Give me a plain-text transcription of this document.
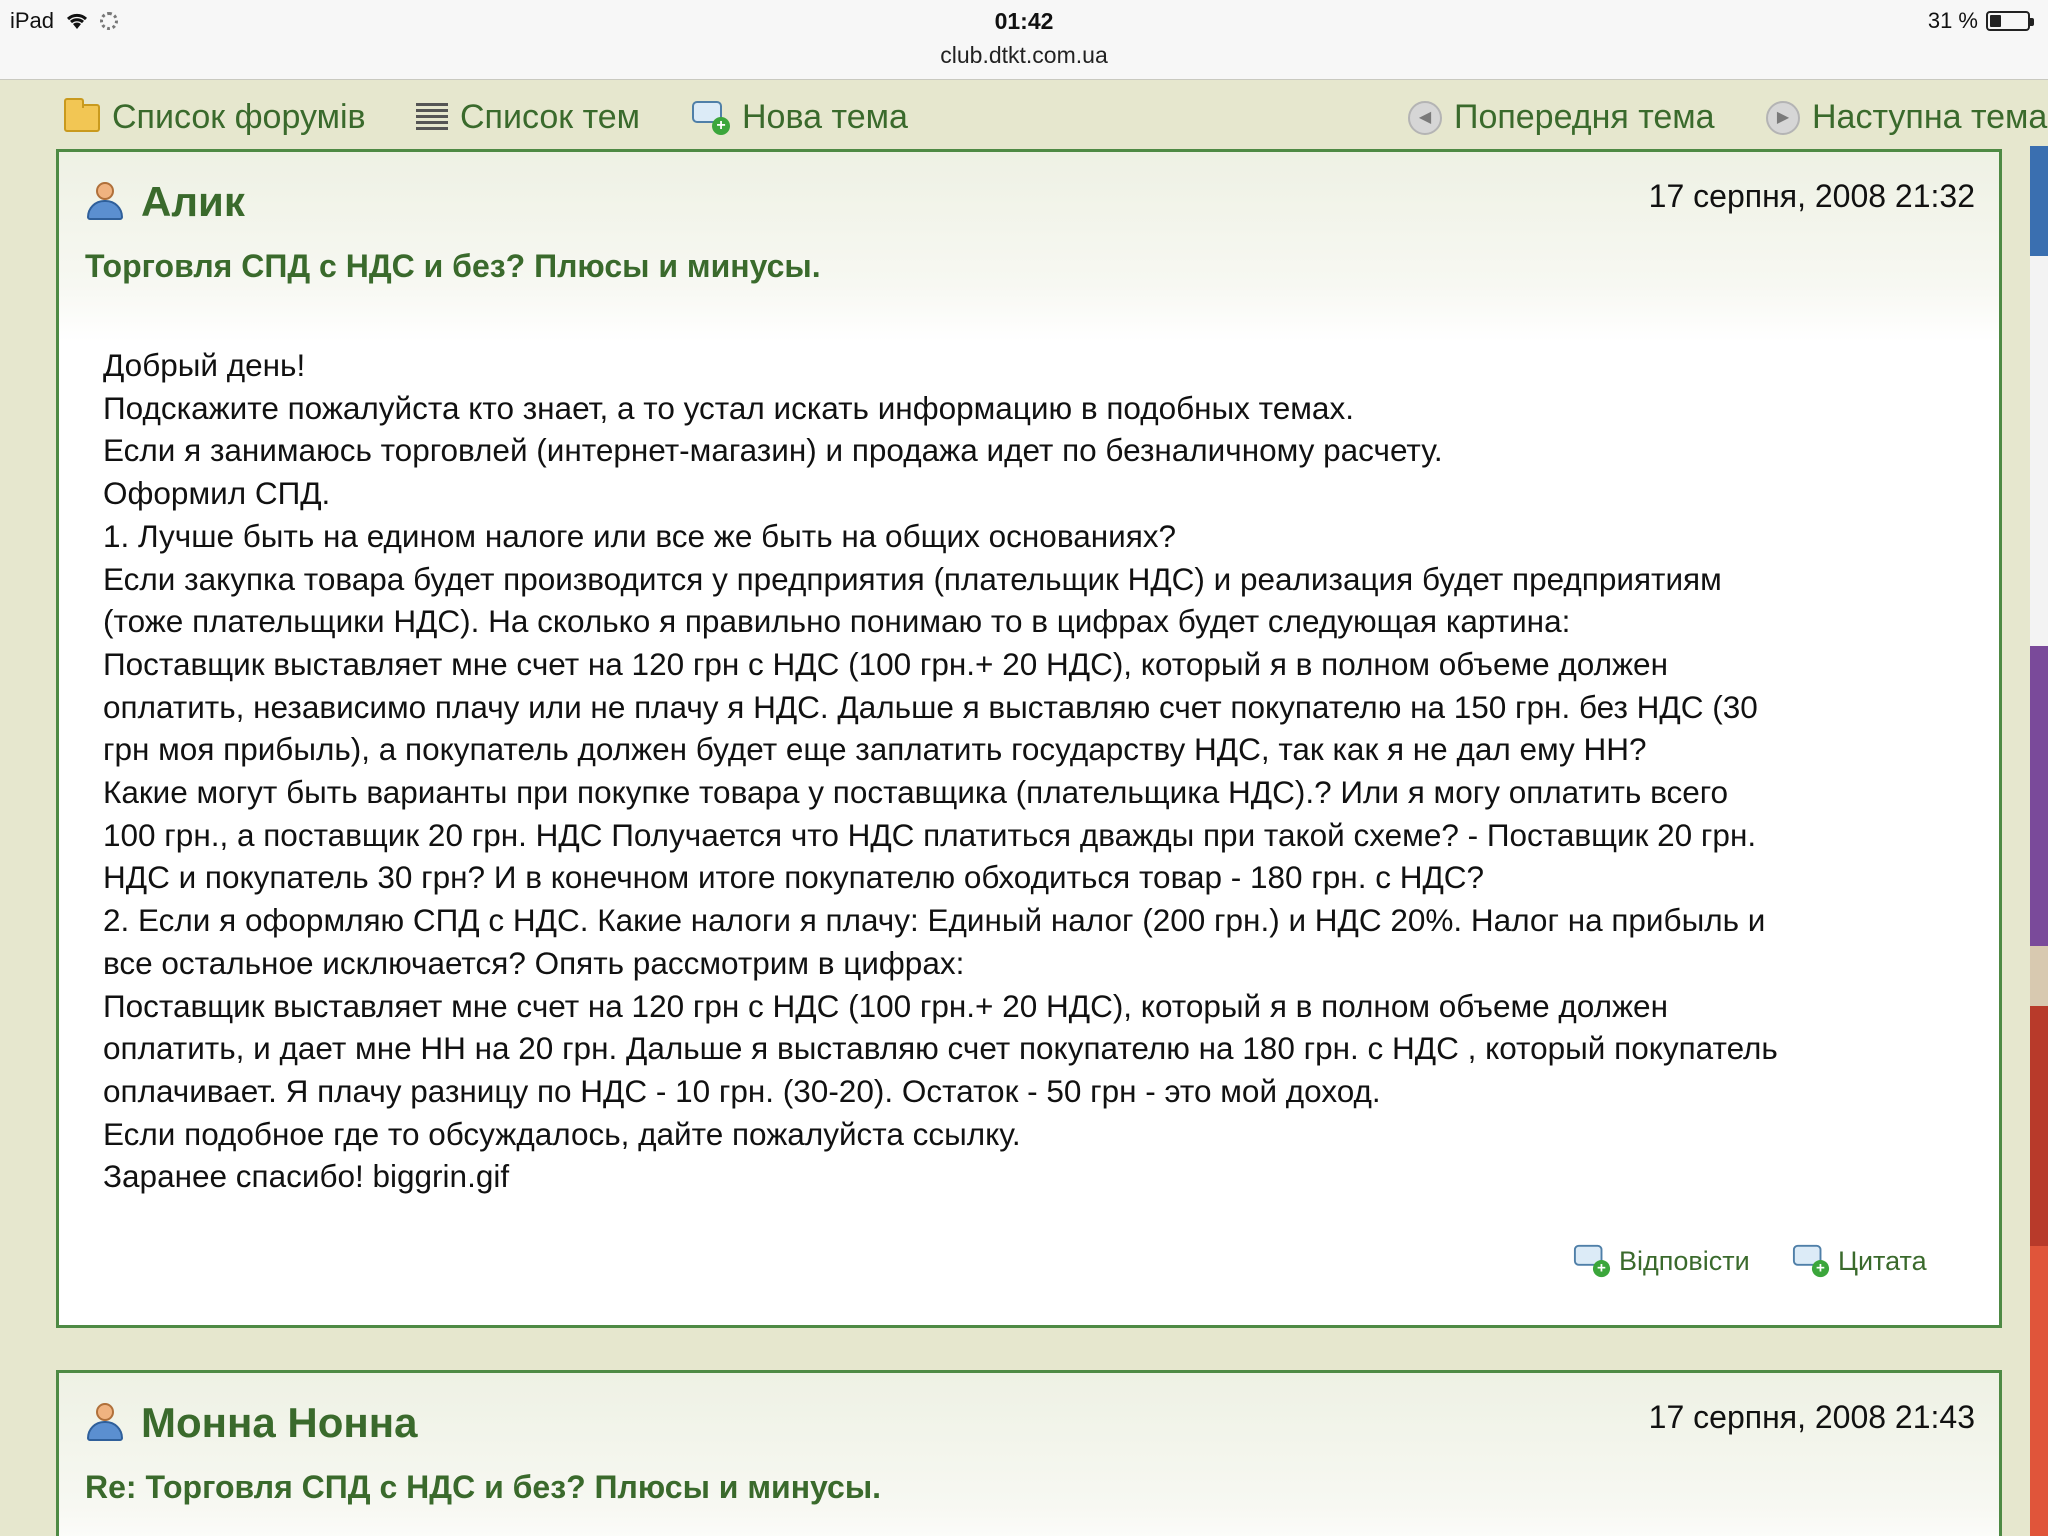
iPad	01:42
club.dtkt.com.ua
31 %
Список форумів	Список тем	+ Нова тема	◀ Попередня тема	▶ Наступна тема
Алик	17 серпня, 2008 21:32
Торговля СПД с НДС и без? Плюсы и минусы.
Добрый день!
Подскажите пожалуйста кто знает, а то устал искать информацию в подобных темах.
Если я занимаюсь торговлей (интернет-магазин) и продажа идет по безналичному расчету.
Оформил СПД.
1. Лучше быть на едином налоге или все же быть на общих основаниях?
Если закупка товара будет производится у предприятия (плательщик НДС) и реализация будет предприятиям
(тоже плательщики НДС). На сколько я правильно понимаю то в цифрах будет следующая картина:
Поставщик выставляет мне счет на 120 грн с НДС (100 грн.+ 20 НДС), который я в полном объеме должен
оплатить, независимо плачу или не плачу я НДС. Дальше я выставляю счет покупателю на 150 грн. без НДС (30
грн моя прибыль), а покупатель должен будет еще заплатить государству НДС, так как я не дал ему НН?
Какие могут быть варианты при покупке товара у поставщика (плательщика НДС).? Или я могу оплатить всего
100 грн., а поставщик 20 грн. НДС Получается что НДС платиться дважды при такой схеме? - Поставщик 20 грн.
НДС и покупатель 30 грн? И в конечном итоге покупателю обходиться товар - 180 грн. с НДС?
2. Если я оформляю СПД с НДС. Какие налоги я плачу: Единый налог (200 грн.) и НДС 20%. Налог на прибыль и
все остальное исключается? Опять рассмотрим в цифрах:
Поставщик выставляет мне счет на 120 грн с НДС (100 грн.+ 20 НДС), который я в полном объеме должен
оплатить, и дает мне НН на 20 грн. Дальше я выставляю счет покупателю на 180 грн. с НДС , который покупатель
оплачивает. Я плачу разницу по НДС - 10 грн. (30-20). Остаток - 50 грн - это мой доход.
Если подобное где то обсуждалось, дайте пожалуйста ссылку.
Заранее спасибо! biggrin.gif
+ Відповісти	+ Цитата
Монна Нонна	17 серпня, 2008 21:43
Re: Торговля СПД с НДС и без? Плюсы и минусы.
